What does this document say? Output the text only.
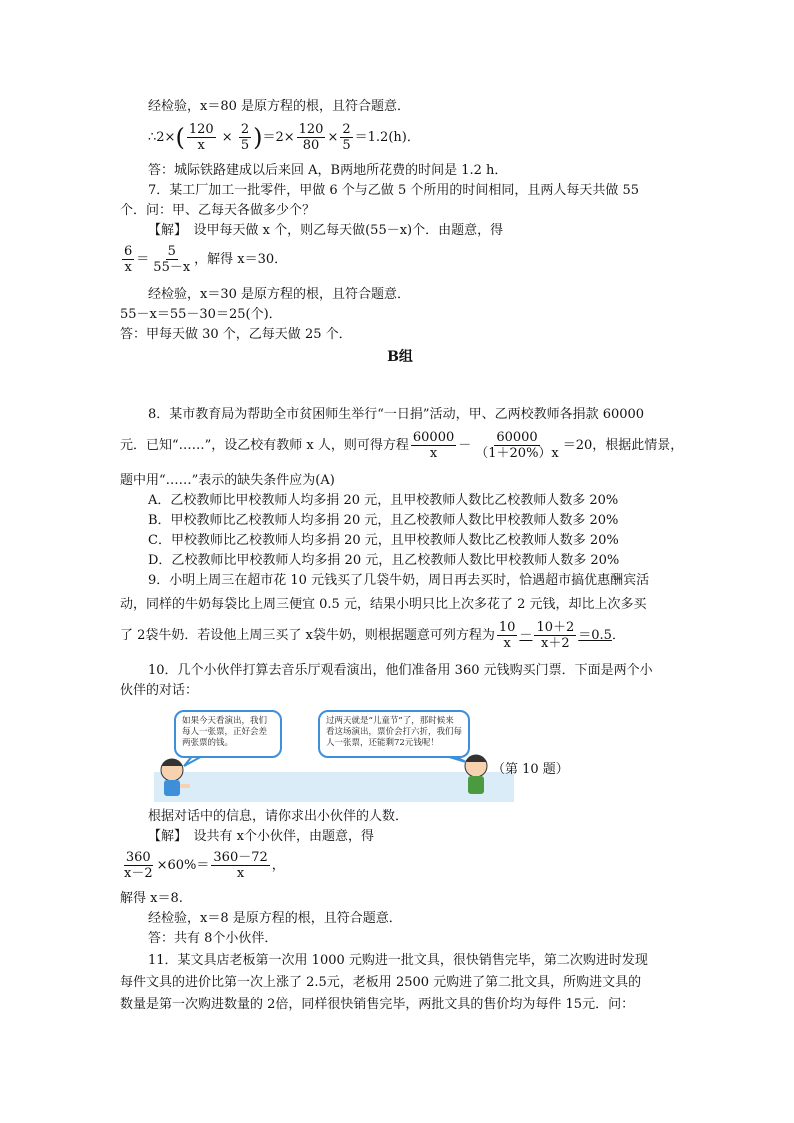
经检验，x＝80 是原方程的根，且符合题意．
∴2×( $\frac{120}{x} \times \frac{2}{5} )=2\times \frac{120}{80} \times \frac{2}{5} =1.2(h)$．
答：城际铁路建成以后来回 A，B两地所花费的时间是 1.2 h．
7．某工厂加工一批零件，甲做 6 个与乙做 5 个所用的时间相同，且两人每天共做 55
个．问：甲、乙每天各做多少个？
【解】　设甲每天做 x 个，则乙每天做(55－x)个．由题意，得
$\frac{6}{x} = \frac{5}{55-x}$ ，解得 x＝30．
经检验，x＝30 是原方程的根，且符合题意．
55－x＝55－30＝25(个)．
答：甲每天做 30 个，乙每天做 25 个．
B组
8．某市教育局为帮助全市贫困师生举行“一日捐”活动，甲、乙两校教师各捐款 60000
元．已知“……”，设乙校有教师 x 人，则可得方程 $\frac{60000}{x} - \frac{60000}{(1+20\%)x} =20$，根据此情景，
题中用“……”表示的缺失条件应为(A)
A．乙校教师比甲校教师人均多捐 20 元，且甲校教师人数比乙校教师人数多 20%
B．甲校教师比乙校教师人均多捐 20 元，且乙校教师人数比甲校教师人数多 20%
C．甲校教师比乙校教师人均多捐 20 元，且甲校教师人数比乙校教师人数多 20%
D．乙校教师比甲校教师人均多捐 20 元，且乙校教师人数比甲校教师人数多 20%
9．小明上周三在超市花 10 元钱买了几袋牛奶，周日再去买时，恰遇超市搞优惠酬宾活
动，同样的牛奶每袋比上周三便宜 0.5 元，结果小明只比上次多花了 2 元钱，却比上次多买
了 2袋牛奶．若设他上周三买了 x袋牛奶，则根据题意可列方程为 $\frac{10}{x} - \frac{10+2}{x+2} =0.5$．
10．几个小伙伴打算去音乐厅观看演出，他们准备用 360 元钱购买门票．下面是两个小
伙伴的对话：
如果今天看演出，我们每人一张票，正好会差两张票的钱。
过两天就是“儿童节”了，那时候来看这场演出，票价会打六折，我们每人一张票，还能剩72元钱呢！
（第 10 题）
根据对话中的信息，请你求出小伙伴的人数．
【解】　设共有 x个小伙伴，由题意，得
$\frac{360}{x-2} \times 60\%= \frac{360-72}{x}$ ，
解得 x＝8.
经检验，x＝8 是原方程的根，且符合题意．
答：共有 8个小伙伴．
11．某文具店老板第一次用 1000 元购进一批文具，很快销售完毕，第二次购进时发现
每件文具的进价比第一次上涨了 2.5元，老板用 2500 元购进了第二批文具，所购进文具的
数量是第一次购进数量的 2倍，同样很快销售完毕，两批文具的售价均为每件 15元．问：
